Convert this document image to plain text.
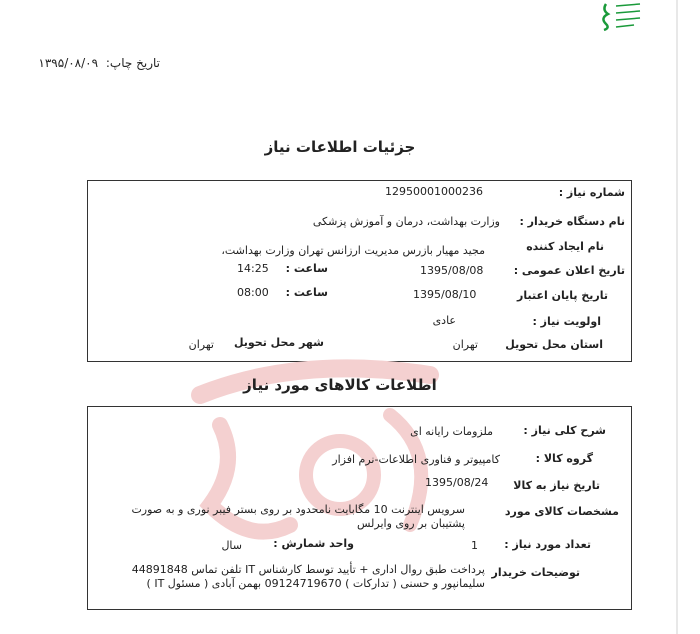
تاریخ چاپ: ۱۳۹۵/۰۸/۰۹
جزئیات اطلاعات نیاز
شماره نیاز :
12950001000236
نام دستگاه خریدار :
وزارت بهداشت، درمان و آموزش پزشکی
نام ایجاد کننده
مجید مهیار بازرس مدیریت ارزانس تهران وزارت بهداشت،
تاریخ اعلان عمومی :
1395/08/08
ساعت :
14:25
تاریخ پایان اعتبار
1395/08/10
ساعت :
08:00
اولویت نیاز :
عادی
استان محل تحویل
تهران
شهر محل تحویل
تهران
اطلاعات کالاهای مورد نیاز
شرح کلی نیاز :
ملزومات رایانه ای
گروه کالا :
کامپیوتر و فناوری اطلاعات-نرم افزار
تاریخ نیاز به کالا
1395/08/24
مشخصات کالای مورد
سرویس اینترنت 10 مگابایت نامحدود بر روی بستر فیبر نوری و به صورت
پشتیبان بر روی وایرلس
تعداد مورد نیاز :
1
واحد شمارش :
سال
توضیحات خریدار
پرداخت طبق روال اداری + تأیید توسط کارشناس IT تلفن تماس 44891848
سلیمانپور و حسنی ( تدارکات ) 09124719670 بهمن آبادی ( مسئول IT )
